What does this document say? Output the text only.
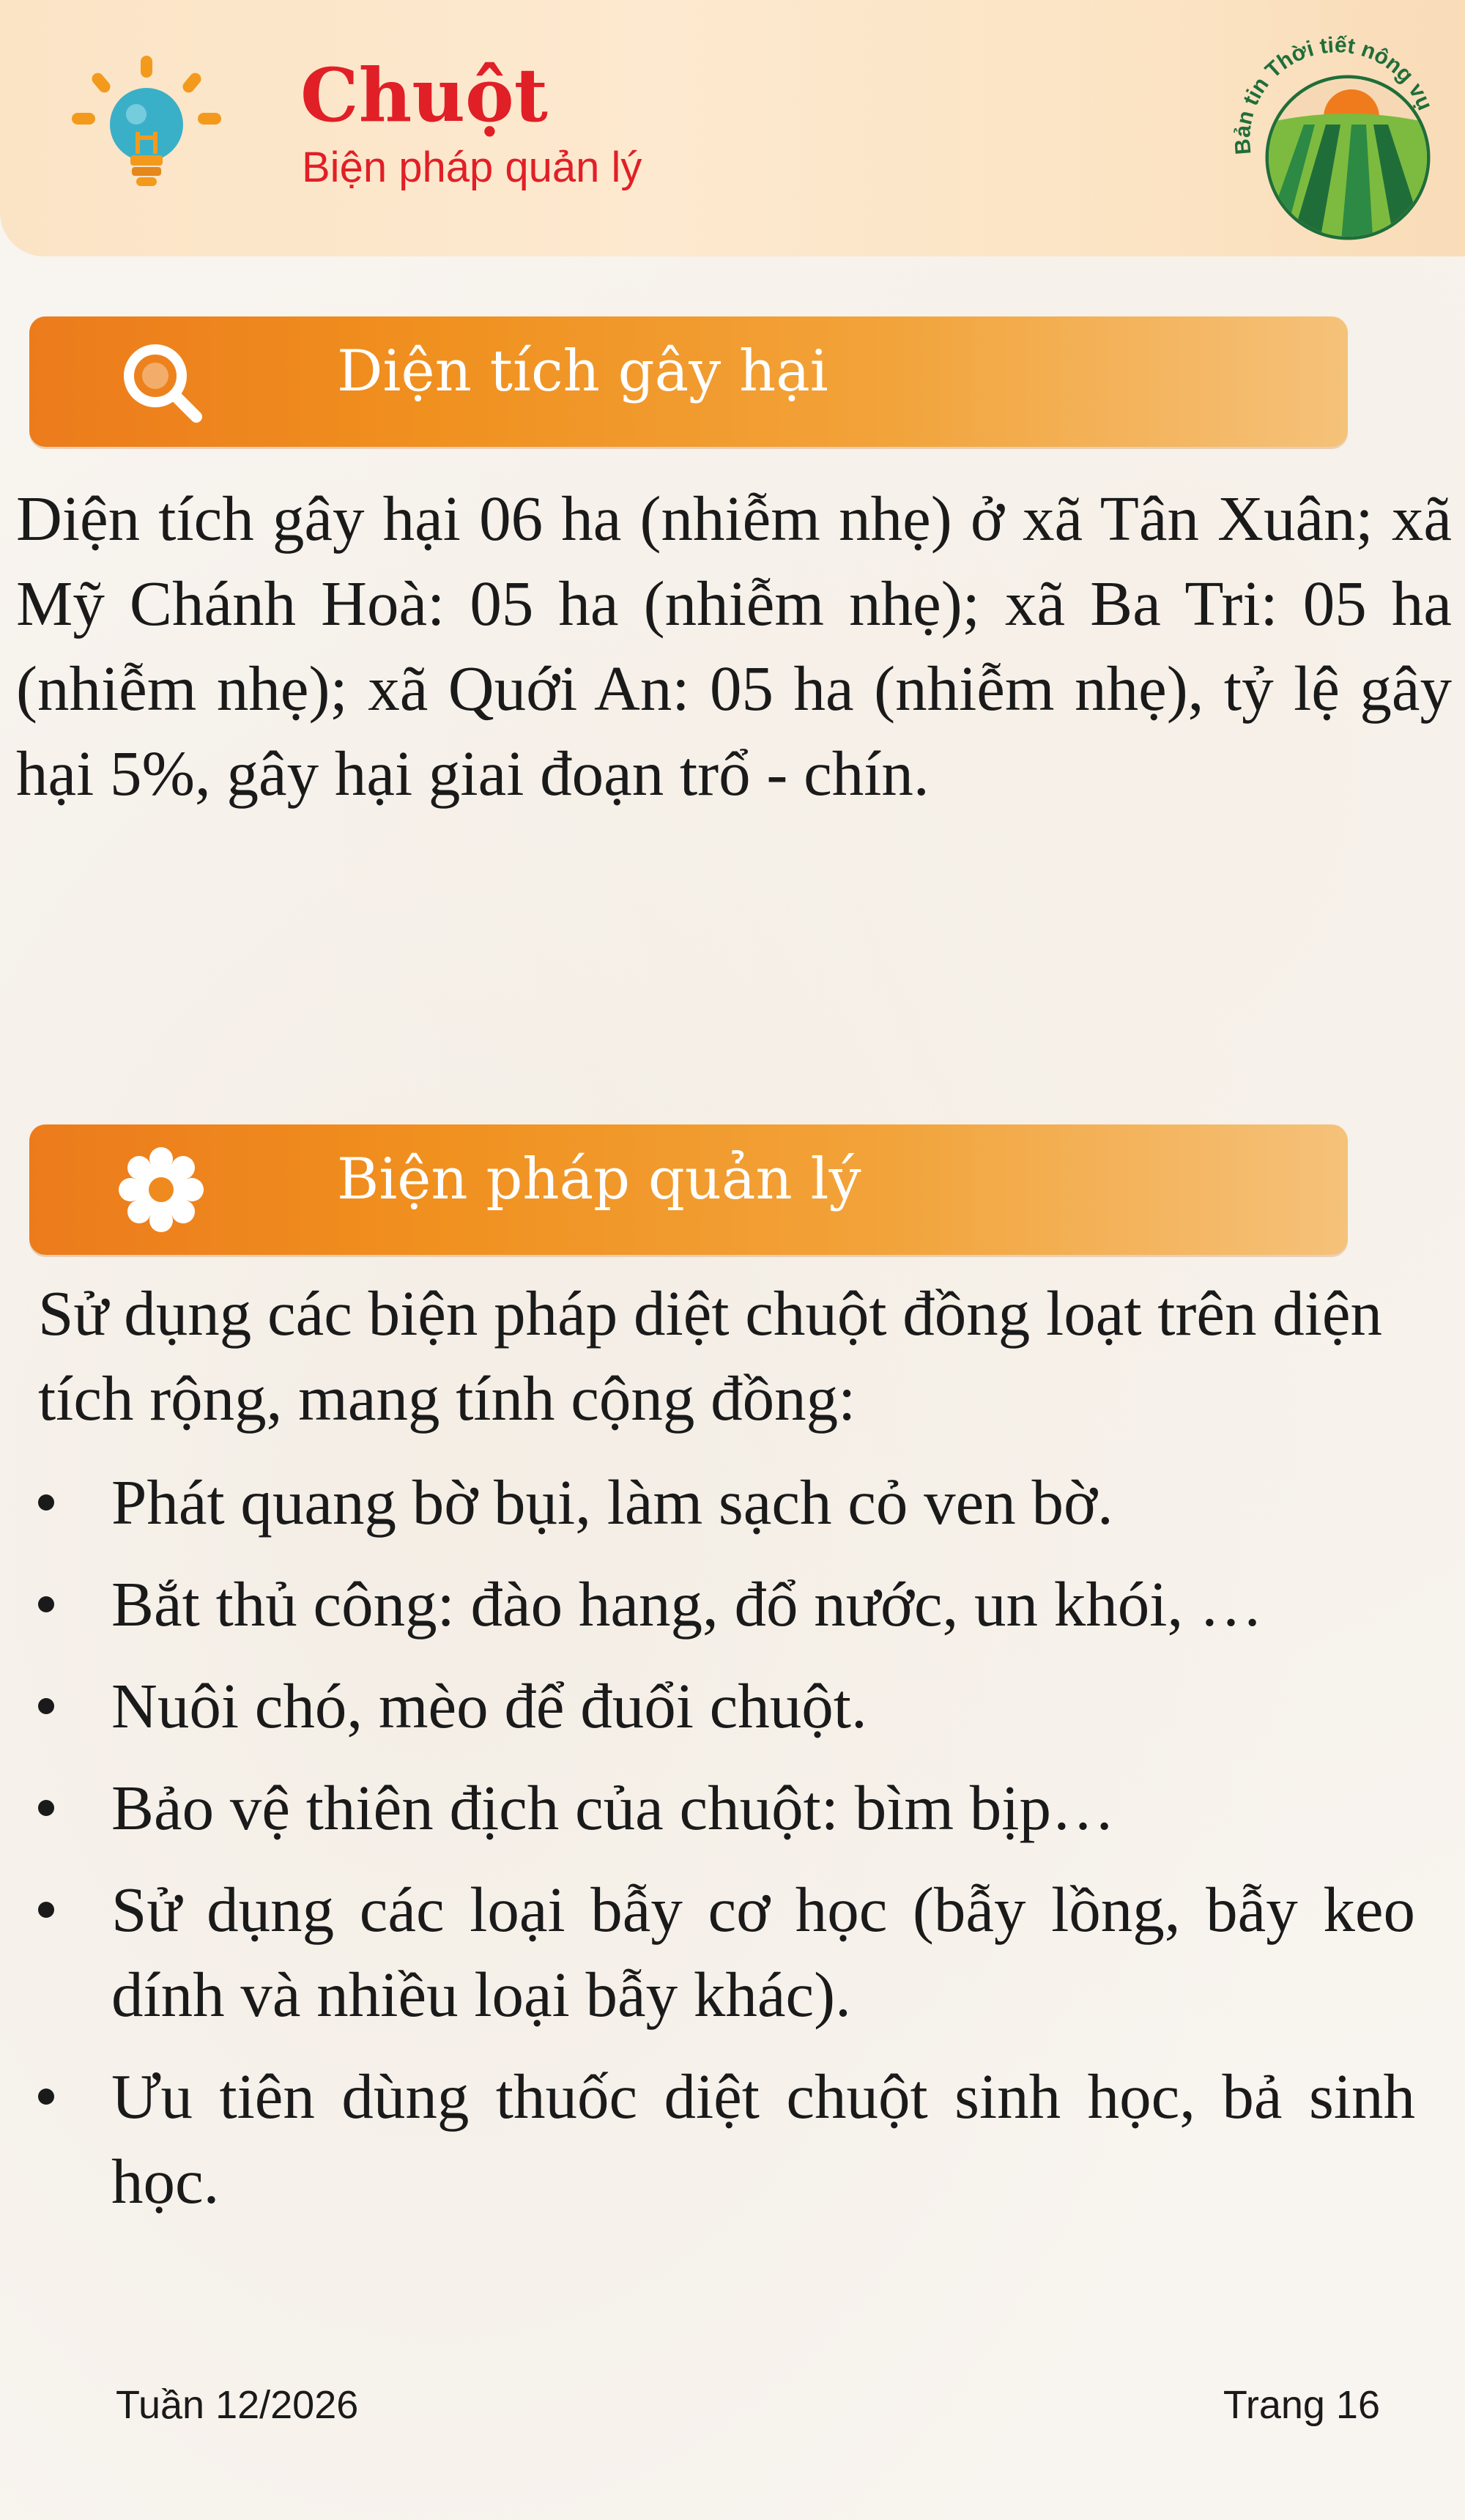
Chuột
Biện pháp quản lý	Bản tin Thời tiết nông vụ
Diện tích gây hại

Diện tích gây hại 06 ha (nhiễm nhẹ) ở xã Tân Xuân; xã Mỹ Chánh Hoà: 05 ha (nhiễm nhẹ); xã Ba Tri: 05 ha (nhiễm nhẹ); xã Quới An: 05 ha (nhiễm nhẹ), tỷ lệ gây hại 5%, gây hại giai đoạn trổ - chín.

Biện pháp quản lý

Sử dụng các biện pháp diệt chuột đồng loạt trên diện tích rộng, mang tính cộng đồng:

Phát quang bờ bụi, làm sạch cỏ ven bờ.
Bắt thủ công: đào hang, đổ nước, un khói, …
Nuôi chó, mèo để đuổi chuột.
Bảo vệ thiên địch của chuột: bìm bịp…
Sử dụng các loại bẫy cơ học (bẫy lồng, bẫy keo dính và nhiều loại bẫy khác).
Ưu tiên dùng thuốc diệt chuột sinh học, bả sinh học.
Tuần 12/2026	Trang 16
